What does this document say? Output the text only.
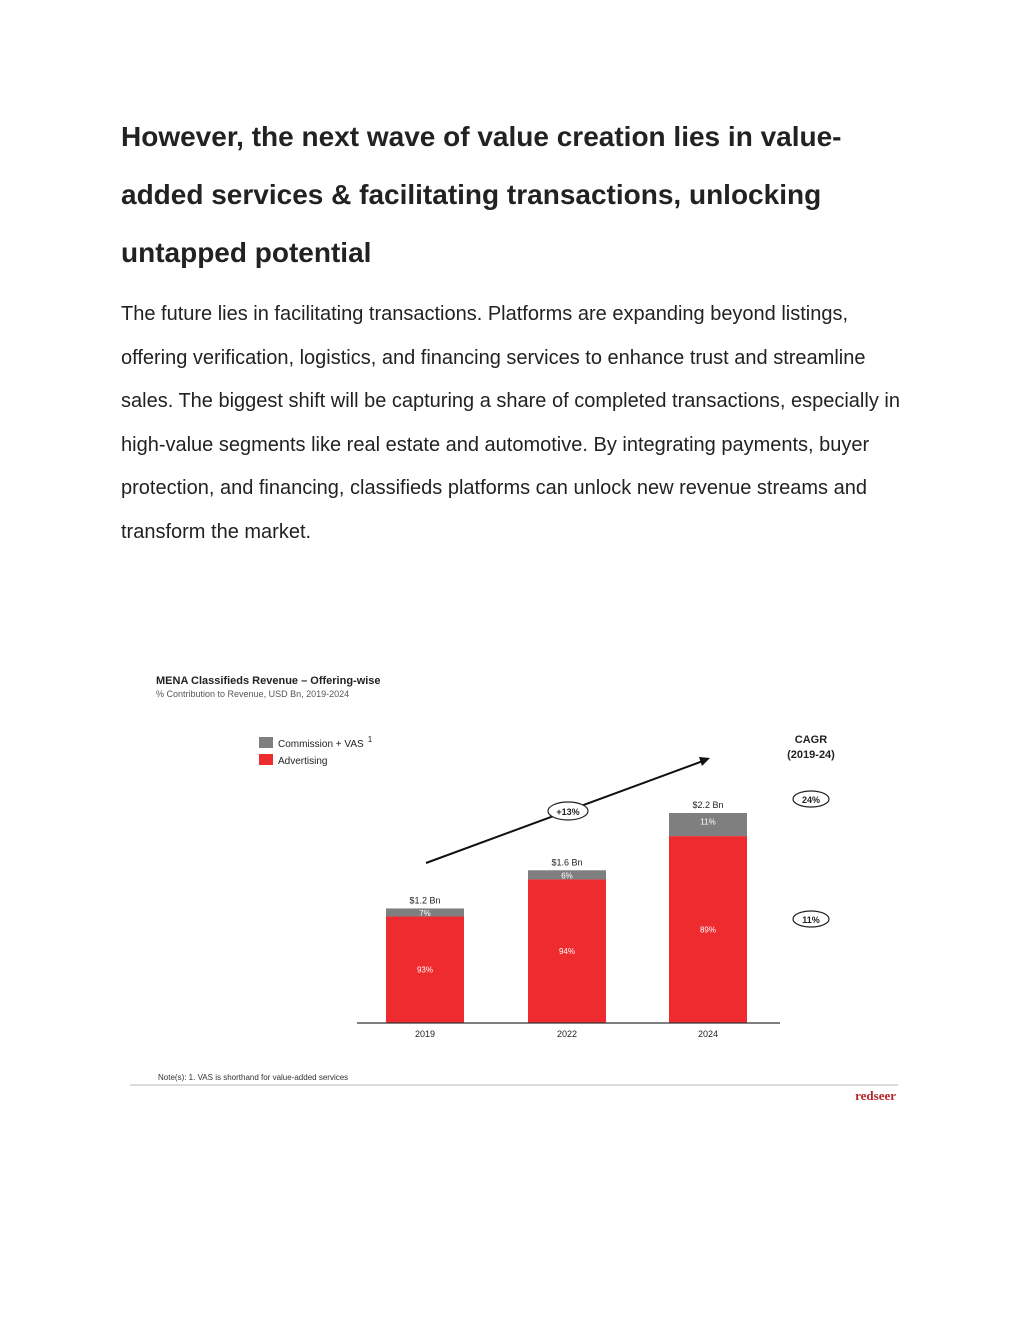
However, the next wave of value creation lies in value-added services & facilitating transactions, unlocking untapped potential

The future lies in facilitating transactions. Platforms are expanding beyond listings, offering verification, logistics, and financing services to enhance trust and streamline sales. The biggest shift will be capturing a share of completed transactions, especially in high-value segments like real estate and automotive. By integrating payments, buyer protection, and financing, classifieds platforms can unlock new revenue streams and transform the market.

MENA Classifieds Revenue – Offering-wise
% Contribution to Revenue, USD Bn, 2019-2024
Commission + VAS $^1$
Advertising
CAGR
(2019-24)
7%
93%
$1.2 Bn
2019
6%
94%
$1.6 Bn
2022
11%
89%
$2.2 Bn
2024
+13%
24%
11%
Note(s): 1. VAS is shorthand for value-added services
redseer
